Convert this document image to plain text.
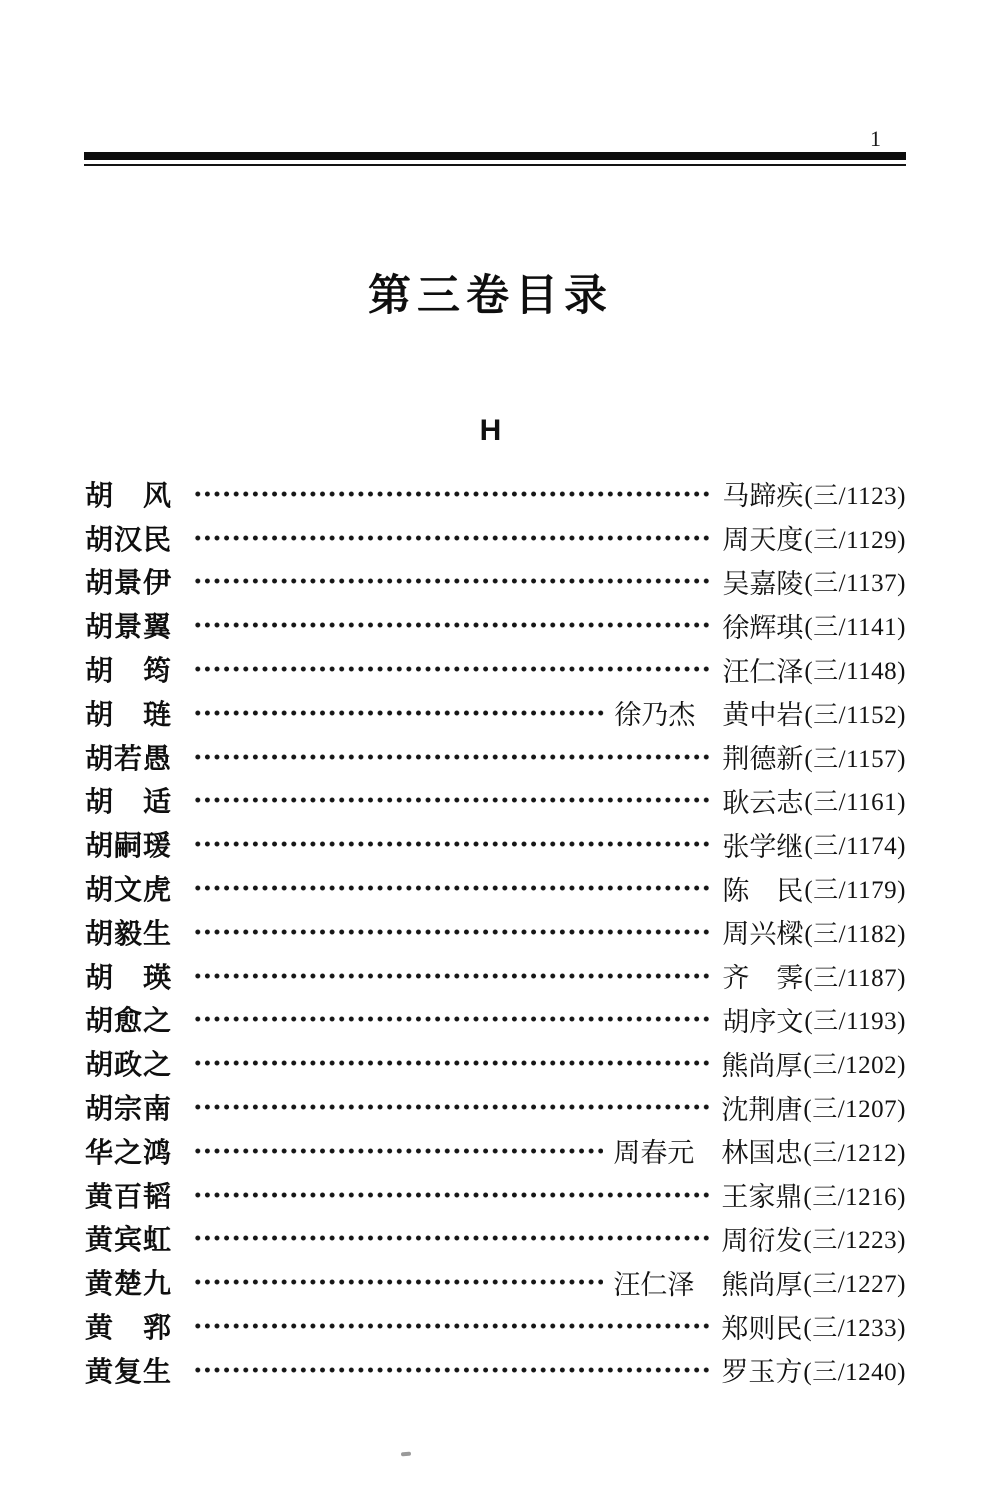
1
第三卷目录
H
胡　风	马蹄疾 (三/1123)
胡汉民	周天度 (三/1129)
胡景伊	吴嘉陵 (三/1137)
胡景翼	徐辉琪 (三/1141)
胡　筠	汪仁泽 (三/1148)
胡　琏	徐乃杰　黄中岩 (三/1152)
胡若愚	荆德新 (三/1157)
胡　适	耿云志 (三/1161)
胡嗣瑗	张学继 (三/1174)
胡文虎	陈　民 (三/1179)
胡毅生	周兴樑 (三/1182)
胡　瑛	齐　霁 (三/1187)
胡愈之	胡序文 (三/1193)
胡政之	熊尚厚 (三/1202)
胡宗南	沈荆唐 (三/1207)
华之鸿	周春元　林国忠 (三/1212)
黄百韬	王家鼎 (三/1216)
黄宾虹	周衍发 (三/1223)
黄楚九	汪仁泽　熊尚厚 (三/1227)
黄　郛	郑则民 (三/1233)
黄复生	罗玉方 (三/1240)
